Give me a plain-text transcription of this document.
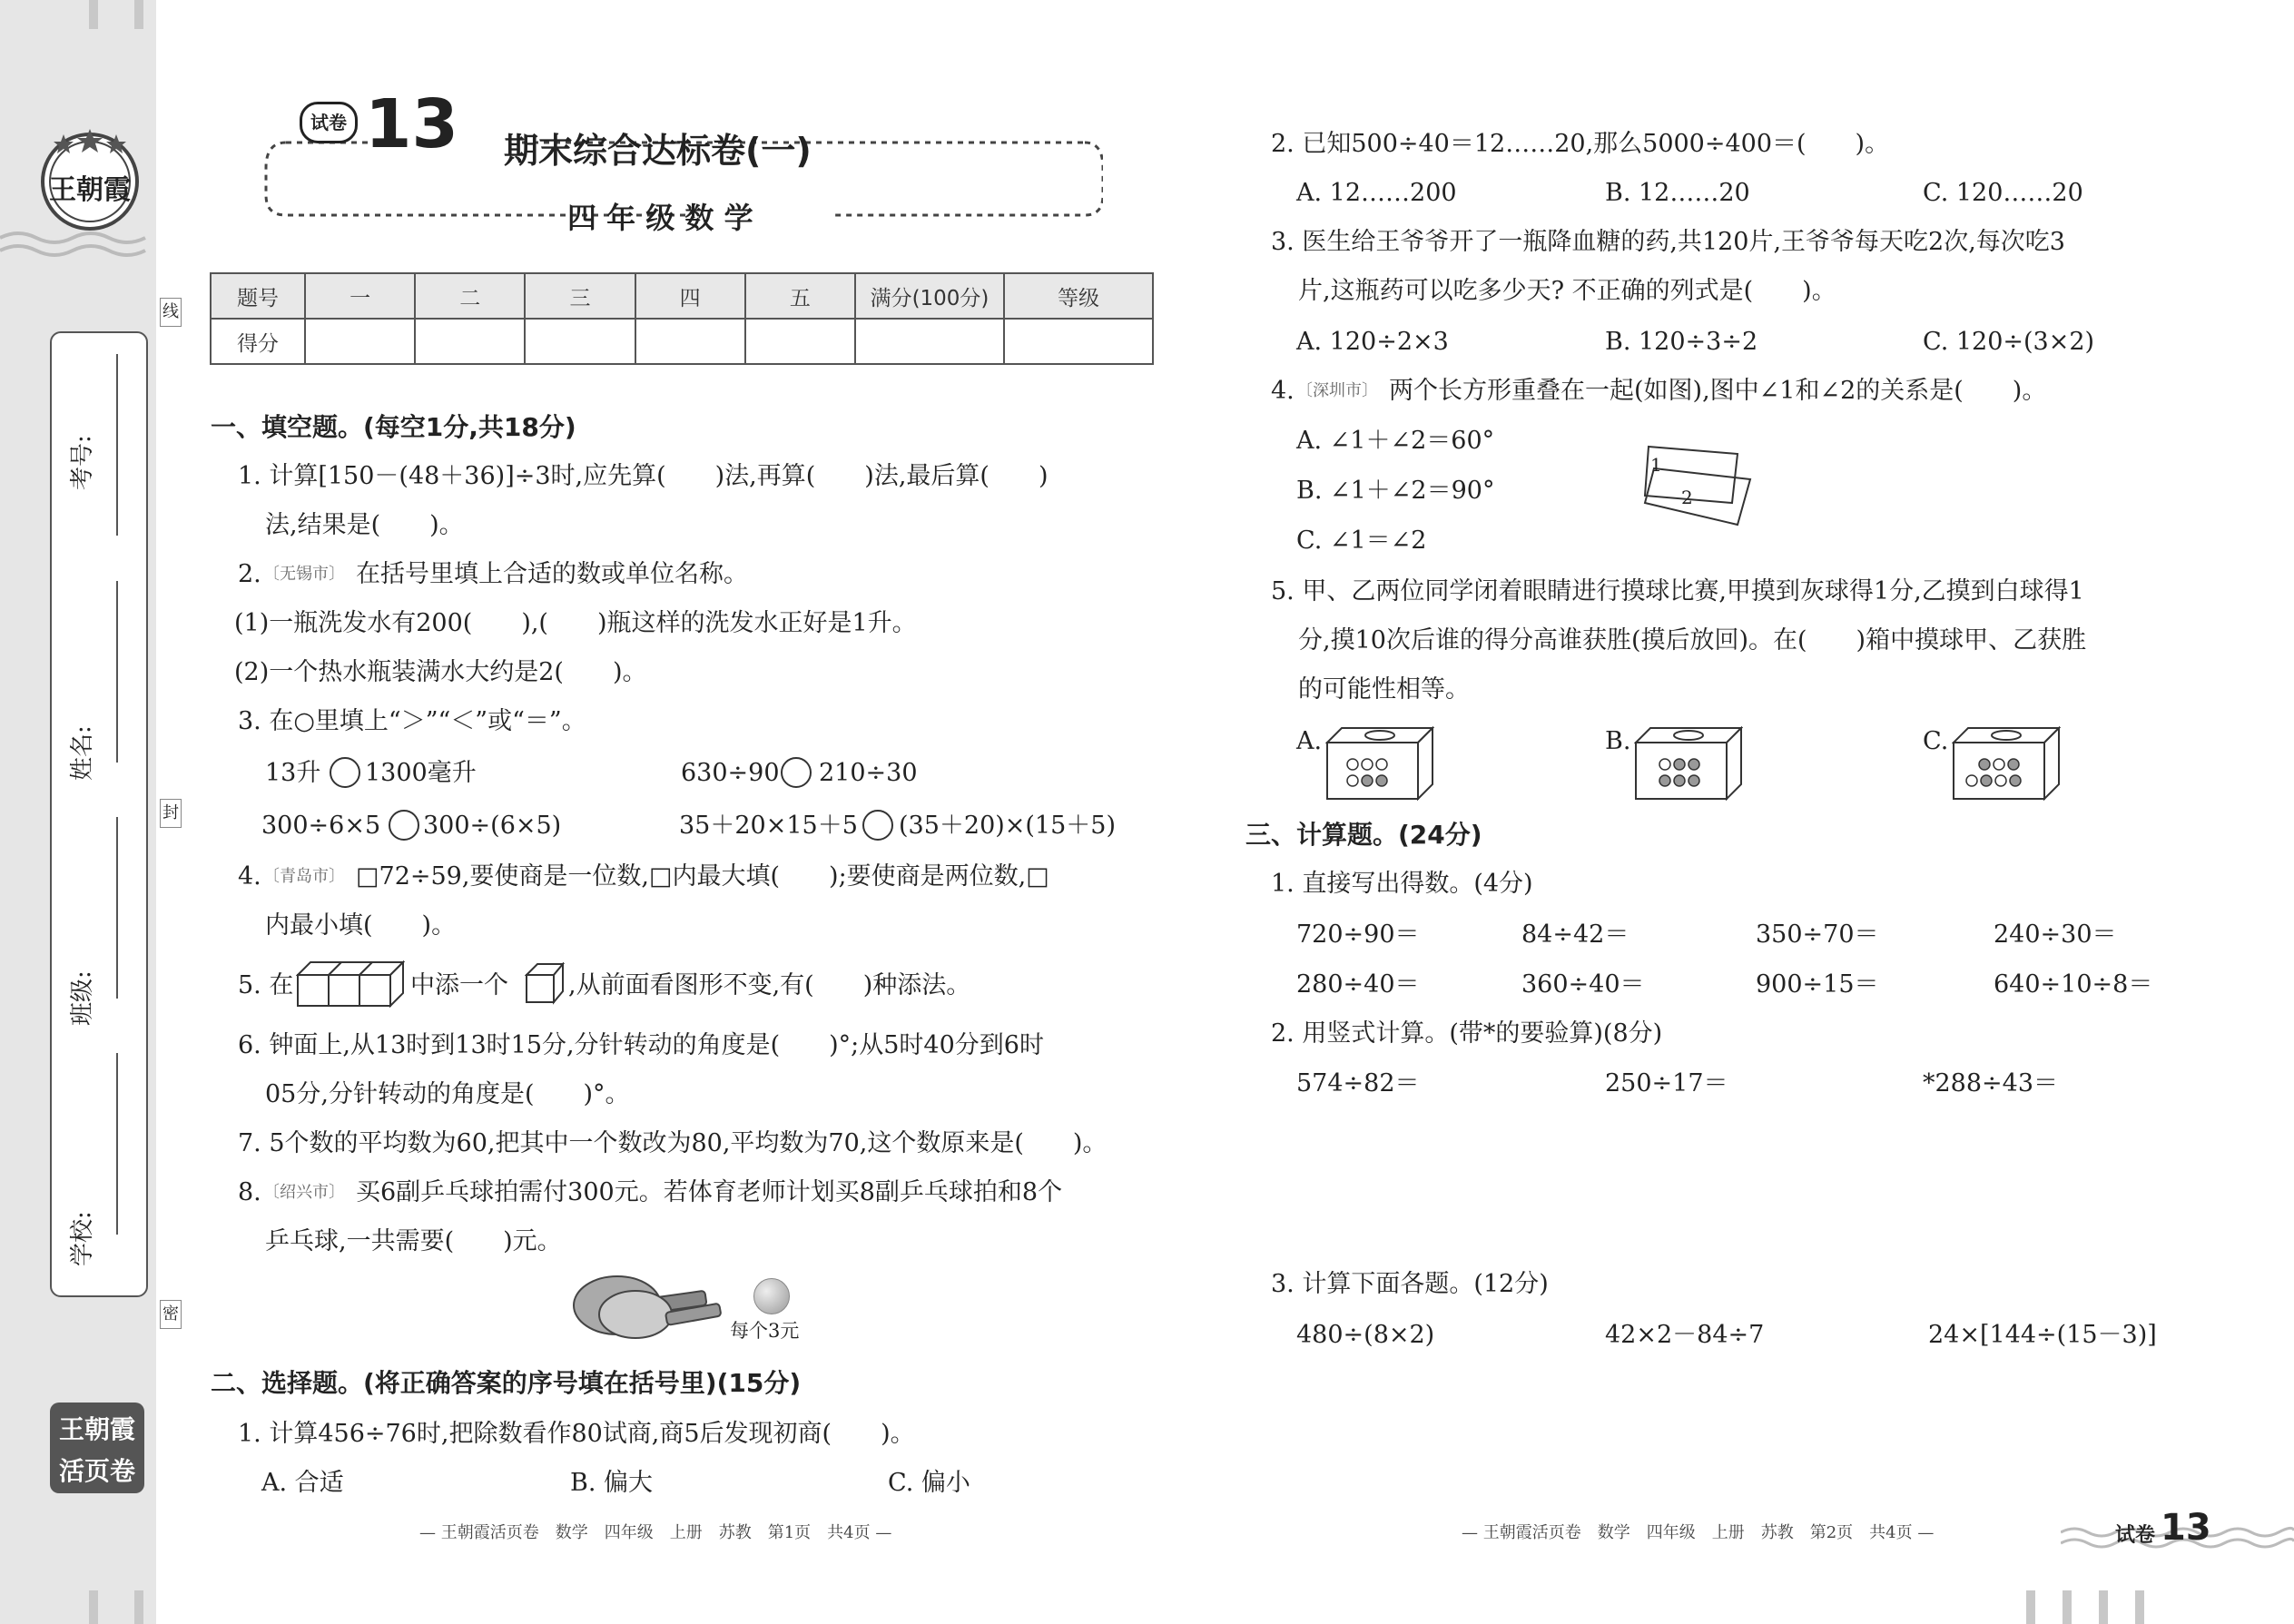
王朝霞
线
封
密
考号:
姓名:
班级:
学校:
王朝霞
活页卷
试卷 13 期末综合达标卷(一)
四 年 级 数 学
题号	一	二	三	四	五	满分(100分)	等级
得分							
一、填空题。(每空1分,共18分)
1. 计算[150－(48＋36)]÷3时,应先算(　　)法,再算(　　)法,最后算(　　)
法,结果是(　　)。
2. 〔无锡市〕 在括号里填上合适的数或单位名称。
(1)一瓶洗发水有200(　　),(　　)瓶这样的洗发水正好是1升。
(2)一个热水瓶装满水大约是2(　　)。
3. 在○里填上“＞”“＜”或“＝”。
13升 1300毫升	630÷90 210÷30
300÷6×5 300÷(6×5)	35＋20×15＋5 (35＋20)×(15＋5)
4. 〔青岛市〕 □72÷59,要使商是一位数,□内最大填(　　);要使商是两位数,□
内最小填(　　)。
5. 在	中添一个 ,从前面看图形不变,有(　　)种添法。
6. 钟面上,从13时到13时15分,分针转动的角度是(　　)°;从5时40分到6时
05分,分针转动的角度是(　　)°。
7. 5个数的平均数为60,把其中一个数改为80,平均数为70,这个数原来是(　　)。
8. 〔绍兴市〕 买6副乒乓球拍需付300元。若体育老师计划买8副乒乓球拍和8个
乒乓球,一共需要(　　)元。
每个3元
二、选择题。(将正确答案的序号填在括号里)(15分)
1. 计算456÷76时,把除数看作80试商,商5后发现初商(　　)。
A. 合适	B. 偏大	C. 偏小
— 王朝霞活页卷　数学　四年级　上册　苏教　第1页　共4页 —
2. 已知500÷40＝12……20,那么5000÷400＝(　　)。
A. 12……200	B. 12……20	C. 120……20
3. 医生给王爷爷开了一瓶降血糖的药,共120片,王爷爷每天吃2次,每次吃3
片,这瓶药可以吃多少天? 不正确的列式是(　　)。
A. 120÷2×3	B. 120÷3÷2	C. 120÷(3×2)
4. 〔深圳市〕 两个长方形重叠在一起(如图),图中∠1和∠2的关系是(　　)。
A. ∠1＋∠2＝60°
B. ∠1＋∠2＝90°
C. ∠1＝∠2
1
2
5. 甲、乙两位同学闭着眼睛进行摸球比赛,甲摸到灰球得1分,乙摸到白球得1
分,摸10次后谁的得分高谁获胜(摸后放回)。在(　　)箱中摸球甲、乙获胜
的可能性相等。
A.	B.	C.
三、计算题。(24分)
1. 直接写出得数。(4分)
720÷90＝	84÷42＝	350÷70＝	240÷30＝
280÷40＝	360÷40＝	900÷15＝	640÷10÷8＝
2. 用竖式计算。(带*的要验算)(8分)
574÷82＝	250÷17＝	*288÷43＝
3. 计算下面各题。(12分)
480÷(8×2)	42×2－84÷7	24×[144÷(15－3)]
— 王朝霞活页卷　数学　四年级　上册　苏教　第2页　共4页 —	试卷 13
